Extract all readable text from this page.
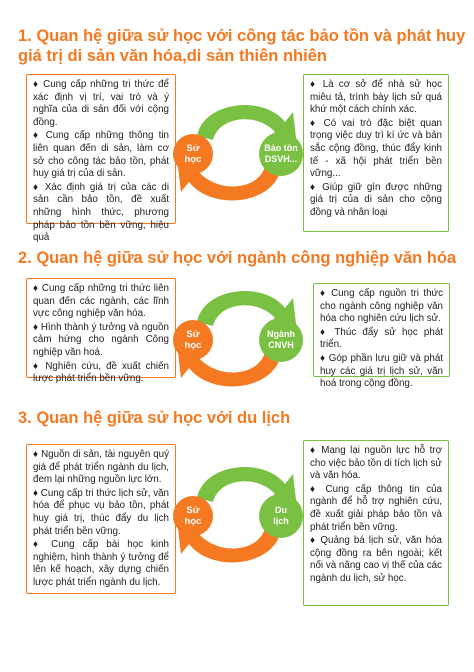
1. Quan hệ giữa sử học với công tác bảo tồn và phát huy giá trị di sản văn hóa,di sản thiên nhiên

♦ Cung cấp những tri thức để xác định vị trí, vai trò và ý nghĩa của di sản đối với cộng đồng.

♦ Cung cấp những thông tin liên quan đến di sản, làm cơ sở cho công tác bảo tồn, phát huy giá trị của di sản.

♦ Xác định giá trị của các di sản cần bảo tồn, đề xuất những hình thức, phương pháp bảo tồn bền vững, hiệu quả

♦ Là cơ sở để nhà sử học miêu tả, trình bày lịch sử quá khứ một cách chính xác.

♦ Có vai trò đặc biệt quan trọng việc duy trì kí ức và bản sắc cộng đồng, thúc đẩy kinh tế - xã hội phát triển bền vững...

♦ Giúp giữ gìn được những giá trị của di sản cho cộng đồng và nhân loại

2. Quan hệ giữa sử học với ngành công nghiệp văn hóa

♦ Cung cấp những tri thức liên quan đến các ngành, các lĩnh vực công nghiệp văn hóa.

♦ Hình thành ý tưởng và nguồn cảm hứng cho ngành Công nghiệp văn hoá.

♦ Nghiên cứu, đề xuất chiến lược phát triển bền vững.

♦ Cung cấp nguồn tri thức cho ngành công nghiệp văn hóa cho nghiên cứu lịch sử.

♦ Thúc đẩy sử học phát triển.

♦ Góp phần lưu giữ và phát huy các giá trị lịch sử, văn hoá trong cộng đồng.

3. Quan hệ giữa sử học với du lịch

♦ Nguồn di sản, tài nguyên quý giá để phát triển ngành du lịch, đem lại những nguồn lực lớn.

♦ Cung cấp tri thức lịch sử, văn hóa để phục vụ bảo tồn, phát huy giá trị, thúc đẩy du lịch phát triển bền vững.

♦ Cung cấp bài học kinh nghiệm, hình thành ý tưởng để lên kế hoạch, xây dựng chiến lược phát triển ngành du lịch.

♦ Mang lại nguồn lực hỗ trợ cho việc bảo tồn di tích lịch sử và văn hóa.

♦ Cung cấp thông tin của ngành để hỗ trợ nghiên cứu, đề xuất giải pháp bảo tồn và phát triển bền vững.

♦ Quảng bá lịch sử, văn hóa cộng đồng ra bên ngoài; kết nối và nâng cao vị thế của các ngành du lịch, sử học.

Sử
học
Bảo tồn
DSVH...
Sử
học
Ngành
CNVH
Sử
học
Du
lịch
